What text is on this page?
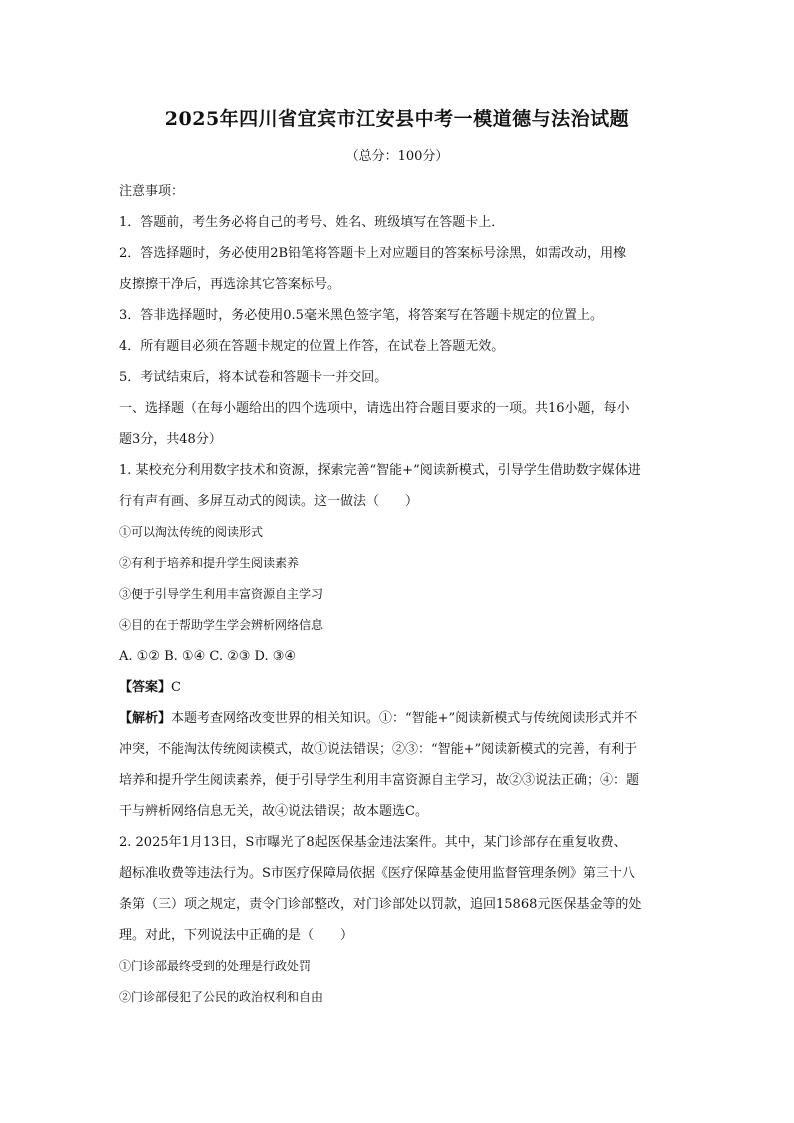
2025年四川省宜宾市江安县中考一模道德与法治试题
（总分：100分）
注意事项：
1．答题前，考生务必将自己的考号、姓名、班级填写在答题卡上．
2．答选择题时，务必使用2B铅笔将答题卡上对应题目的答案标号涂黑，如需改动，用橡
皮擦擦干净后，再选涂其它答案标号。
3．答非选择题时，务必使用0.5毫米黑色签字笔，将答案写在答题卡规定的位置上。
4．所有题目必须在答题卡规定的位置上作答，在试卷上答题无效。
5．考试结束后，将本试卷和答题卡一并交回。
一、选择题（在每小题给出的四个选项中，请选出符合题目要求的一项。共16小题，每小
题3分，共48分）
1. 某校充分利用数字技术和资源，探索完善“智能+”阅读新模式，引导学生借助数字媒体进
行有声有画、多屏互动式的阅读。这一做法（　　）
①可以淘汰传统的阅读形式
②有利于培养和提升学生阅读素养
③便于引导学生利用丰富资源自主学习
④目的在于帮助学生学会辨析网络信息
A. ①② B. ①④ C. ②③ D. ③④
【答案】C
【解析】本题考查网络改变世界的相关知识。①：“智能+”阅读新模式与传统阅读形式并不
冲突，不能淘汰传统阅读模式，故①说法错误；②③：“智能+”阅读新模式的完善，有利于
培养和提升学生阅读素养，便于引导学生利用丰富资源自主学习，故②③说法正确；④：题
干与辨析网络信息无关，故④说法错误；故本题选C。
2. 2025年1月13日，S市曝光了8起医保基金违法案件。其中，某门诊部存在重复收费、
超标准收费等违法行为。S市医疗保障局依据《医疗保障基金使用监督管理条例》第三十八
条第（三）项之规定，责令门诊部整改，对门诊部处以罚款，追回15868元医保基金等的处
理。对此，下列说法中正确的是（　　）
①门诊部最终受到的处理是行政处罚
②门诊部侵犯了公民的政治权利和自由
